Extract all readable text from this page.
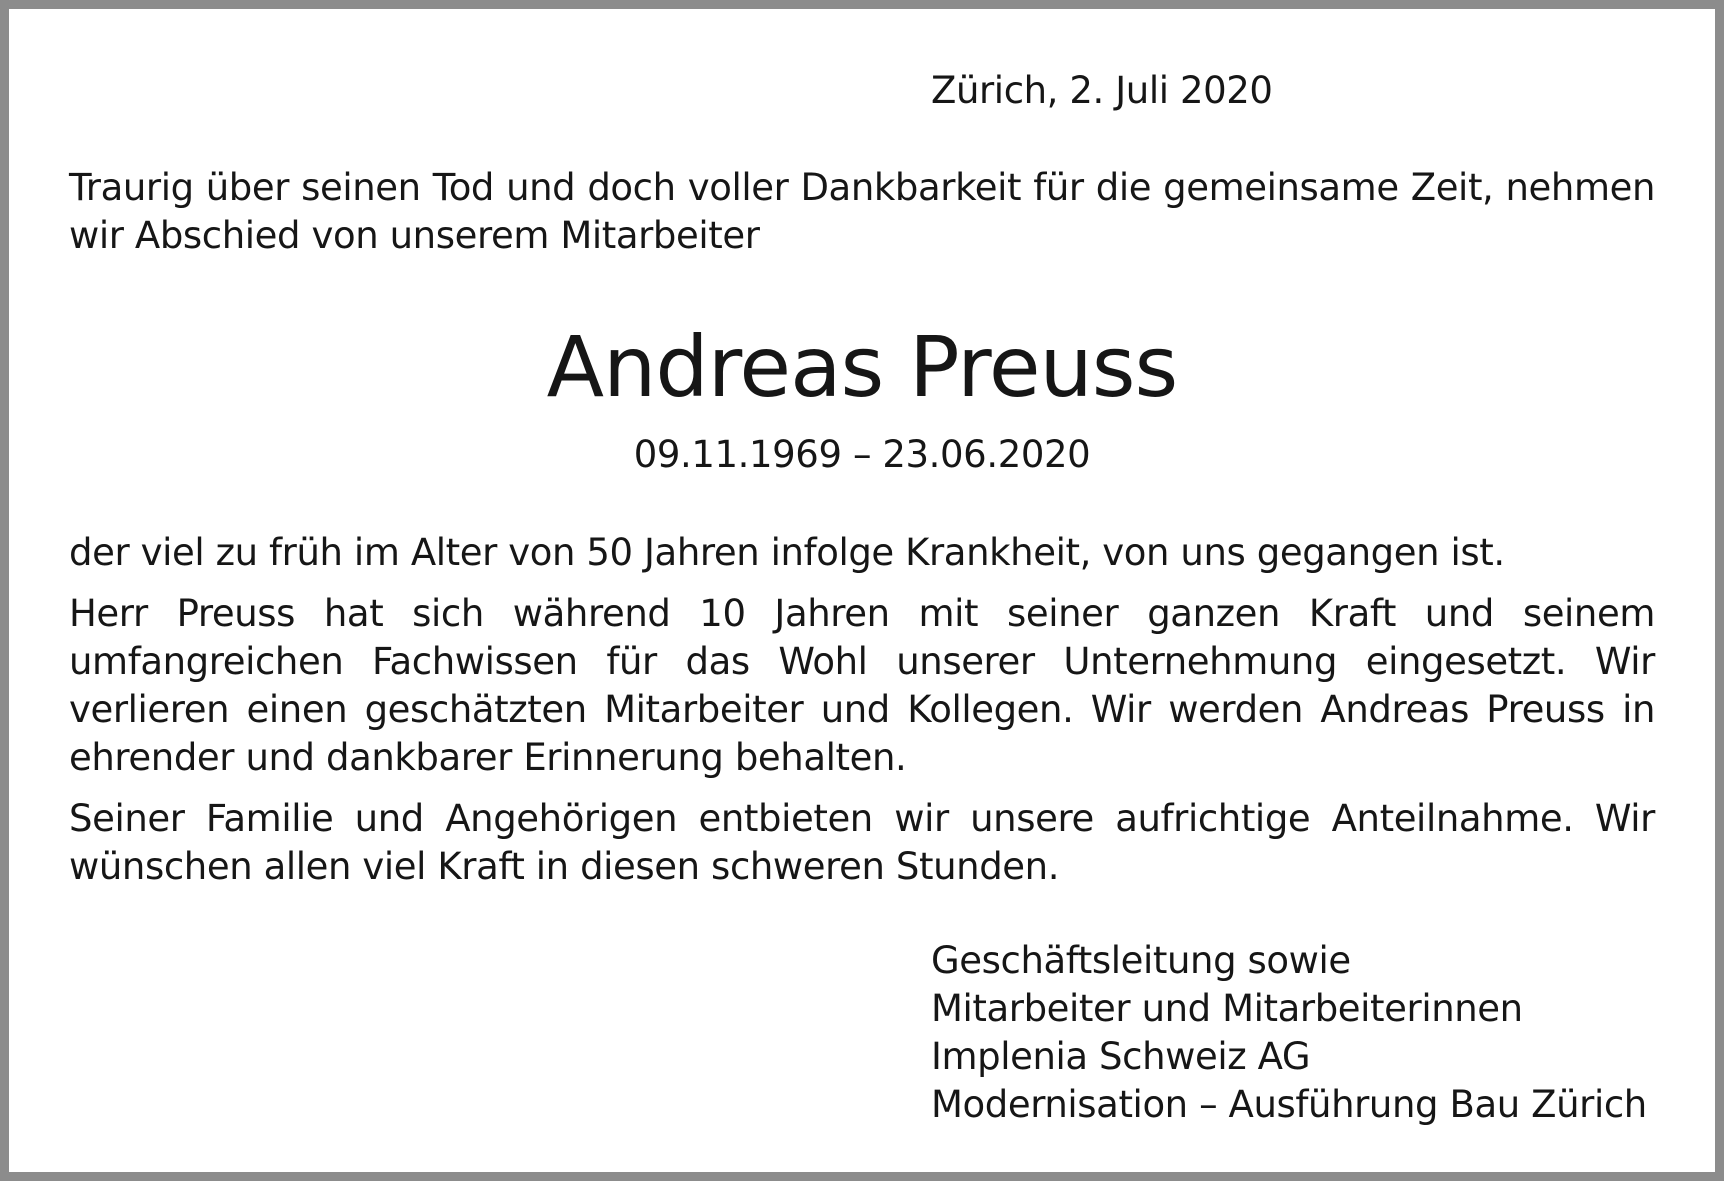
Zürich, 2. Juli 2020
Traurig über seinen Tod und doch voller Dankbarkeit für die gemeinsame Zeit, nehmen wir Abschied von unserem Mitarbeiter
Andreas Preuss
09.11.1969 – 23.06.2020

der viel zu früh im Alter von 50 Jahren infolge Krankheit, von uns gegangen ist.

Herr Preuss hat sich während 10 Jahren mit seiner ganzen Kraft und seinem umfangreichen Fachwissen für das Wohl unserer Unternehmung eingesetzt. Wir verlieren einen geschätzten Mitarbeiter und Kollegen. Wir werden Andreas Preuss in ehrender und dankbarer Erinnerung behalten.

Seiner Familie und Angehörigen entbieten wir unsere aufrichtige Anteilnahme. Wir wünschen allen viel Kraft in diesen schweren Stunden.

Geschäftsleitung sowie
Mitarbeiter und Mitarbeiterinnen
Implenia Schweiz AG
Modernisation – Ausführung Bau Zürich
